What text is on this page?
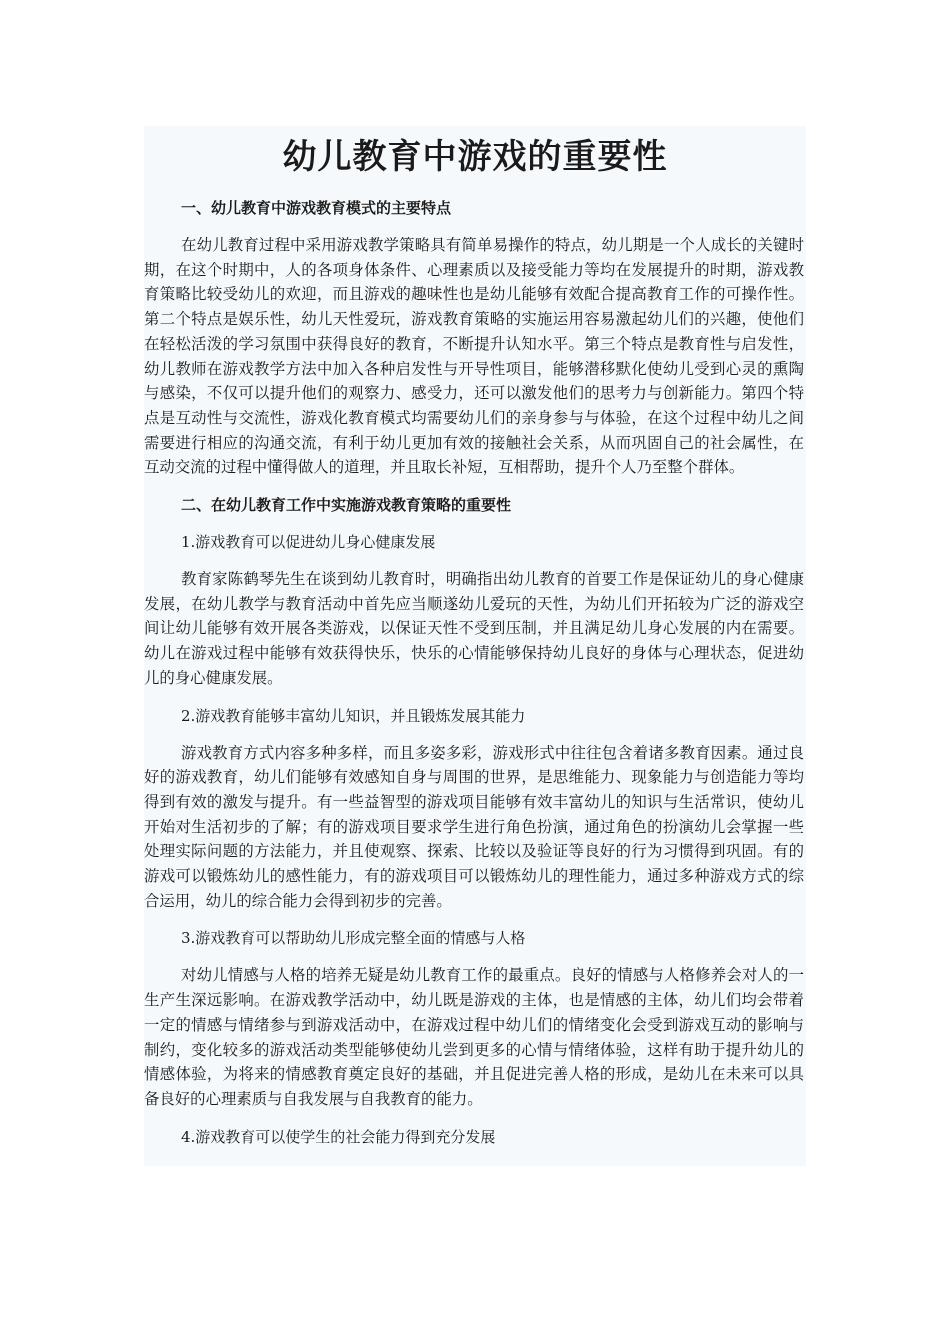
幼儿教育中游戏的重要性

一、幼儿教育中游戏教育模式的主要特点

在幼儿教育过程中采用游戏教学策略具有简单易操作的特点，幼儿期是一个人成长的关键时期，在这个时期中，人的各项身体条件、心理素质以及接受能力等均在发展提升的时期，游戏教育策略比较受幼儿的欢迎，而且游戏的趣味性也是幼儿能够有效配合提高教育工作的可操作性。第二个特点是娱乐性，幼儿天性爱玩，游戏教育策略的实施运用容易激起幼儿们的兴趣，使他们在轻松活泼的学习氛围中获得良好的教育，不断提升认知水平。第三个特点是教育性与启发性，幼儿教师在游戏教学方法中加入各种启发性与开导性项目，能够潜移默化使幼儿受到心灵的熏陶与感染，不仅可以提升他们的观察力、感受力，还可以激发他们的思考力与创新能力。第四个特点是互动性与交流性，游戏化教育模式均需要幼儿们的亲身参与与体验，在这个过程中幼儿之间需要进行相应的沟通交流，有利于幼儿更加有效的接触社会关系，从而巩固自己的社会属性，在互动交流的过程中懂得做人的道理，并且取长补短，互相帮助，提升个人乃至整个群体。

二、在幼儿教育工作中实施游戏教育策略的重要性

1.游戏教育可以促进幼儿身心健康发展

教育家陈鹤琴先生在谈到幼儿教育时，明确指出幼儿教育的首要工作是保证幼儿的身心健康发展，在幼儿教学与教育活动中首先应当顺遂幼儿爱玩的天性，为幼儿们开拓较为广泛的游戏空间让幼儿能够有效开展各类游戏，以保证天性不受到压制，并且满足幼儿身心发展的内在需要。幼儿在游戏过程中能够有效获得快乐，快乐的心情能够保持幼儿良好的身体与心理状态，促进幼儿的身心健康发展。

2.游戏教育能够丰富幼儿知识，并且锻炼发展其能力

游戏教育方式内容多种多样，而且多姿多彩，游戏形式中往往包含着诸多教育因素。通过良好的游戏教育，幼儿们能够有效感知自身与周围的世界，是思维能力、现象能力与创造能力等均得到有效的激发与提升。有一些益智型的游戏项目能够有效丰富幼儿的知识与生活常识，使幼儿开始对生活初步的了解；有的游戏项目要求学生进行角色扮演，通过角色的扮演幼儿会掌握一些处理实际问题的方法能力，并且使观察、探索、比较以及验证等良好的行为习惯得到巩固。有的游戏可以锻炼幼儿的感性能力，有的游戏项目可以锻炼幼儿的理性能力，通过多种游戏方式的综合运用，幼儿的综合能力会得到初步的完善。

3.游戏教育可以帮助幼儿形成完整全面的情感与人格

对幼儿情感与人格的培养无疑是幼儿教育工作的最重点。良好的情感与人格修养会对人的一生产生深远影响。在游戏教学活动中，幼儿既是游戏的主体，也是情感的主体，幼儿们均会带着一定的情感与情绪参与到游戏活动中，在游戏过程中幼儿们的情绪变化会受到游戏互动的影响与制约，变化较多的游戏活动类型能够使幼儿尝到更多的心情与情绪体验，这样有助于提升幼儿的情感体验，为将来的情感教育奠定良好的基础，并且促进完善人格的形成，是幼儿在未来可以具备良好的心理素质与自我发展与自我教育的能力。

4.游戏教育可以使学生的社会能力得到充分发展
